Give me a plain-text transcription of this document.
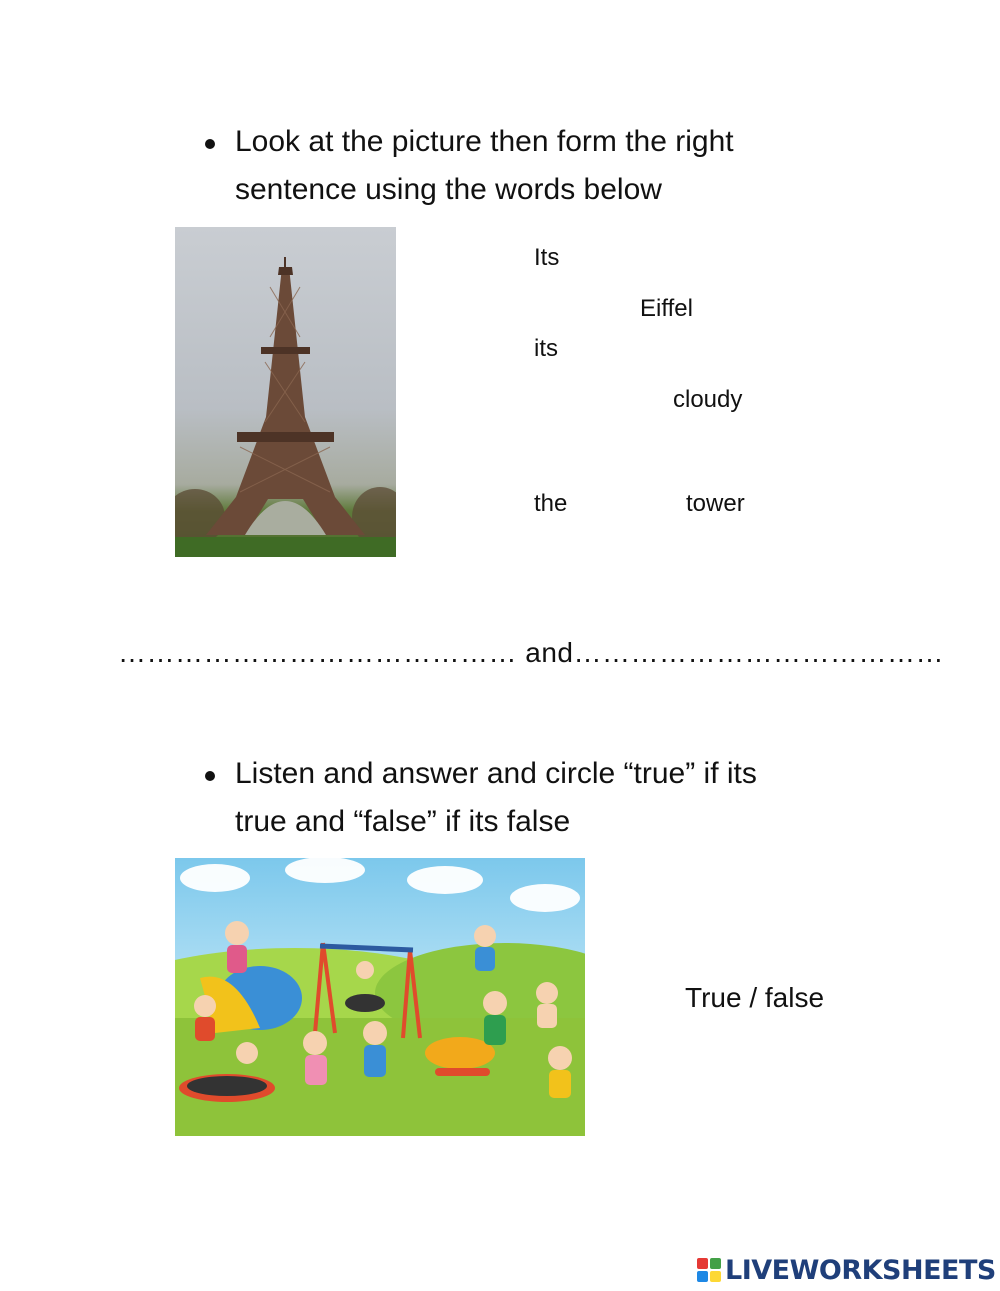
Look at the picture then form the right
sentence using the words below
Its
Eiffel
its
cloudy
the	tower
…………………………………… and…………………………………
Listen and answer and circle “true” if its
true and “false” if its false
True / false
LIVEWORKSHEETS
